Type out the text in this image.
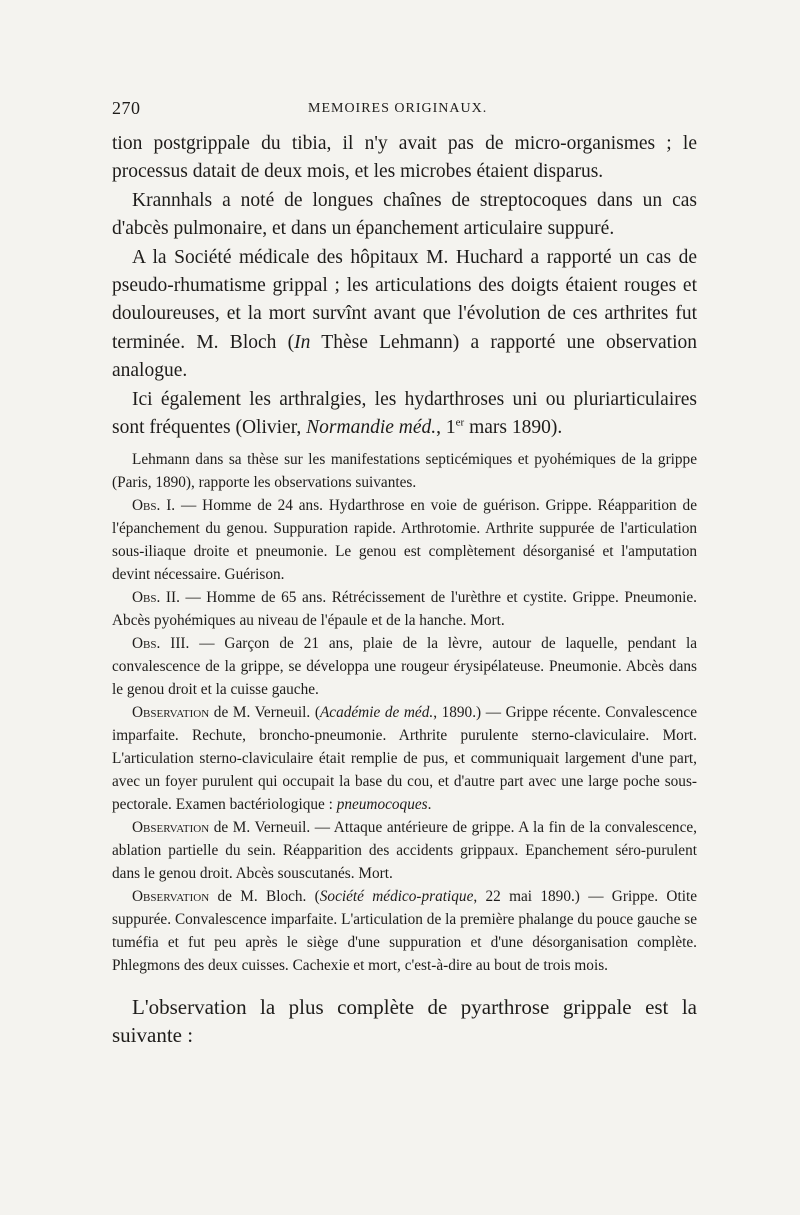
270	MEMOIRES ORIGINAUX.

tion postgrippale du tibia, il n'y avait pas de micro-organismes ; le processus datait de deux mois, et les microbes étaient disparus.

Krannhals a noté de longues chaînes de streptocoques dans un cas d'abcès pulmonaire, et dans un épanchement articulaire suppuré.

A la Société médicale des hôpitaux M. Huchard a rapporté un cas de pseudo-rhumatisme grippal ; les articulations des doigts étaient rouges et douloureuses, et la mort survînt avant que l'évolution de ces arthrites fut terminée. M. Bloch (In Thèse Lehmann) a rapporté une observation analogue.

Ici également les arthralgies, les hydarthroses uni ou pluriarticulaires sont fréquentes (Olivier, Normandie méd., 1er mars 1890).

Lehmann dans sa thèse sur les manifestations septicémiques et pyohémiques de la grippe (Paris, 1890), rapporte les observations suivantes.

Obs. I. — Homme de 24 ans. Hydarthrose en voie de guérison. Grippe. Réapparition de l'épanchement du genou. Suppuration rapide. Arthrotomie. Arthrite suppurée de l'articulation sous-iliaque droite et pneumonie. Le genou est complètement désorganisé et l'amputation devint nécessaire. Guérison.

Obs. II. — Homme de 65 ans. Rétrécissement de l'urèthre et cystite. Grippe. Pneumonie. Abcès pyohémiques au niveau de l'épaule et de la hanche. Mort.

Obs. III. — Garçon de 21 ans, plaie de la lèvre, autour de laquelle, pendant la convalescence de la grippe, se développa une rougeur érysipélateuse. Pneumonie. Abcès dans le genou droit et la cuisse gauche.

Observation de M. Verneuil. (Académie de méd., 1890.) — Grippe récente. Convalescence imparfaite. Rechute, broncho-pneumonie. Arthrite purulente sterno-claviculaire. Mort. L'articulation sterno-claviculaire était remplie de pus, et communiquait largement d'une part, avec un foyer purulent qui occupait la base du cou, et d'autre part avec une large poche sous-pectorale. Examen bactériologique : pneumocoques.

Observation de M. Verneuil. — Attaque antérieure de grippe. A la fin de la convalescence, ablation partielle du sein. Réapparition des accidents grippaux. Epanchement séro-purulent dans le genou droit. Abcès souscutanés. Mort.

Observation de M. Bloch. (Société médico-pratique, 22 mai 1890.) — Grippe. Otite suppurée. Convalescence imparfaite. L'articulation de la première phalange du pouce gauche se tuméfia et fut peu après le siège d'une suppuration et d'une désorganisation complète. Phlegmons des deux cuisses. Cachexie et mort, c'est-à-dire au bout de trois mois.

L'observation la plus complète de pyarthrose grippale est la suivante :
